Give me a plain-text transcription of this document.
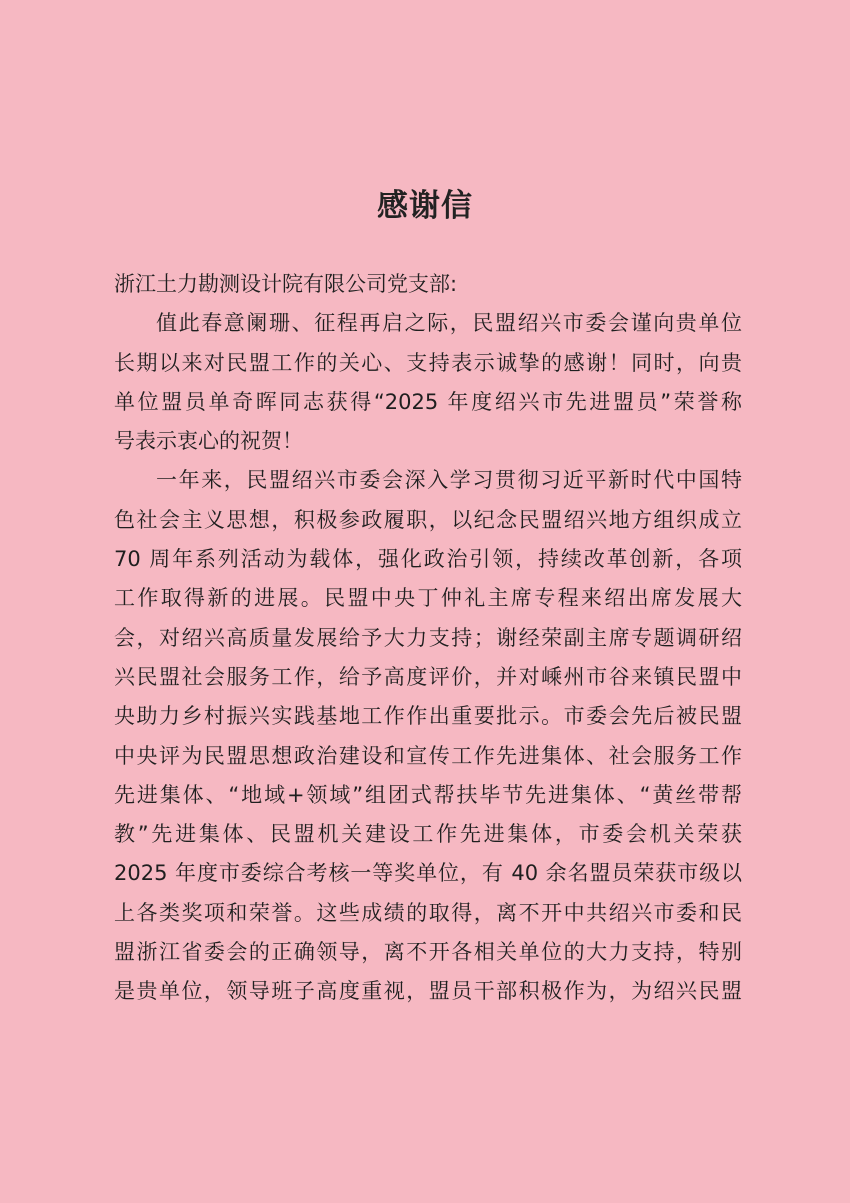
感谢信
浙江土力勘测设计院有限公司党支部:
值此春意阑珊、征程再启之际，民盟绍兴市委会谨向贵单位
长期以来对民盟工作的关心、支持表示诚挚的感谢！同时，向贵
单位盟员单奇晖同志获得“2025 年度绍兴市先进盟员”荣誉称
号表示衷心的祝贺！
一年来，民盟绍兴市委会深入学习贯彻习近平新时代中国特
色社会主义思想，积极参政履职，以纪念民盟绍兴地方组织成立
70 周年系列活动为载体，强化政治引领，持续改革创新，各项
工作取得新的进展。民盟中央丁仲礼主席专程来绍出席发展大
会，对绍兴高质量发展给予大力支持；谢经荣副主席专题调研绍
兴民盟社会服务工作，给予高度评价，并对嵊州市谷来镇民盟中
央助力乡村振兴实践基地工作作出重要批示。市委会先后被民盟
中央评为民盟思想政治建设和宣传工作先进集体、社会服务工作
先进集体、“地域+领域”组团式帮扶毕节先进集体、“黄丝带帮
教”先进集体、民盟机关建设工作先进集体，市委会机关荣获
2025 年度市委综合考核一等奖单位，有 40 余名盟员荣获市级以
上各类奖项和荣誉。这些成绩的取得，离不开中共绍兴市委和民
盟浙江省委会的正确领导，离不开各相关单位的大力支持，特别
是贵单位，领导班子高度重视，盟员干部积极作为，为绍兴民盟
